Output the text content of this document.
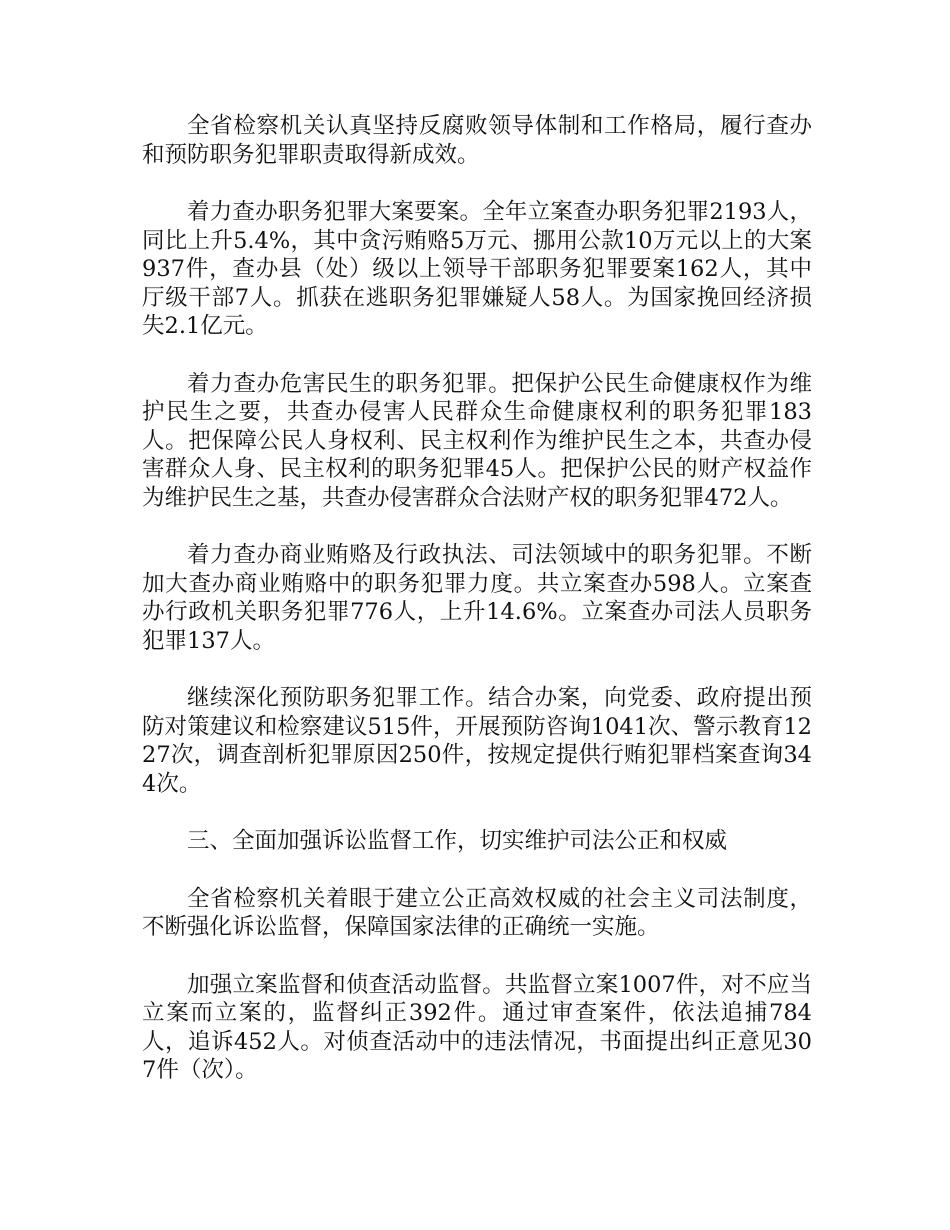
全省检察机关认真坚持反腐败领导体制和工作格局，履行查办和预防职务犯罪职责取得新成效。

着力查办职务犯罪大案要案。全年立案查办职务犯罪2193人，同比上升5.4%，其中贪污贿赂5万元、挪用公款10万元以上的大案937件，查办县（处）级以上领导干部职务犯罪要案162人，其中厅级干部7人。抓获在逃职务犯罪嫌疑人58人。为国家挽回经济损失2.1亿元。

着力查办危害民生的职务犯罪。把保护公民生命健康权作为维护民生之要，共查办侵害人民群众生命健康权利的职务犯罪183人。把保障公民人身权利、民主权利作为维护民生之本，共查办侵害群众人身、民主权利的职务犯罪45人。把保护公民的财产权益作为维护民生之基，共查办侵害群众合法财产权的职务犯罪472人。

着力查办商业贿赂及行政执法、司法领域中的职务犯罪。不断加大查办商业贿赂中的职务犯罪力度。共立案查办598人。立案查办行政机关职务犯罪776人，上升14.6%。立案查办司法人员职务犯罪137人。

继续深化预防职务犯罪工作。结合办案，向党委、政府提出预防对策建议和检察建议515件，开展预防咨询1041次、警示教育1227次，调查剖析犯罪原因250件，按规定提供行贿犯罪档案查询344次。

三、全面加强诉讼监督工作，切实维护司法公正和权威

全省检察机关着眼于建立公正高效权威的社会主义司法制度，不断强化诉讼监督，保障国家法律的正确统一实施。

加强立案监督和侦查活动监督。共监督立案1007件，对不应当立案而立案的，监督纠正392件。通过审查案件，依法追捕784人，追诉452人。对侦查活动中的违法情况，书面提出纠正意见307件（次）。
